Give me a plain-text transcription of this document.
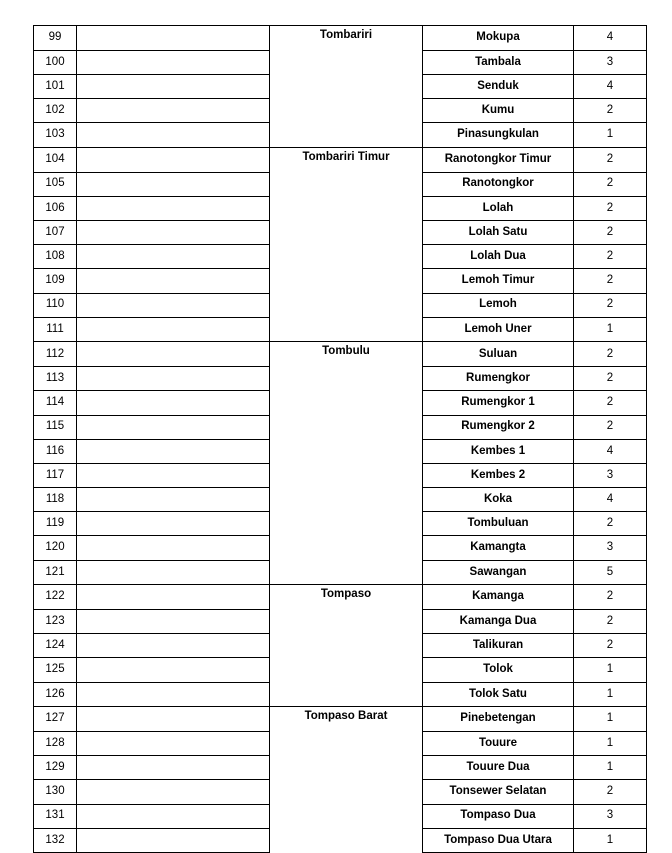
99		Tombariri	Mokupa	4
100			Tambala	3
101			Senduk	4
102			Kumu	2
103			Pinasungkulan	1
104		Tombariri Timur	Ranotongkor Timur	2
105			Ranotongkor	2
106			Lolah	2
107			Lolah Satu	2
108			Lolah Dua	2
109			Lemoh Timur	2
110			Lemoh	2
111			Lemoh Uner	1
112		Tombulu	Suluan	2
113			Rumengkor	2
114			Rumengkor 1	2
115			Rumengkor 2	2
116			Kembes 1	4
117			Kembes 2	3
118			Koka	4
119			Tombuluan	2
120			Kamangta	3
121			Sawangan	5
122		Tompaso	Kamanga	2
123			Kamanga Dua	2
124			Talikuran	2
125			Tolok	1
126			Tolok Satu	1
127		Tompaso Barat	Pinebetengan	1
128			Touure	1
129			Touure Dua	1
130			Tonsewer Selatan	2
131			Tompaso Dua	3
132			Tompaso Dua Utara	1
